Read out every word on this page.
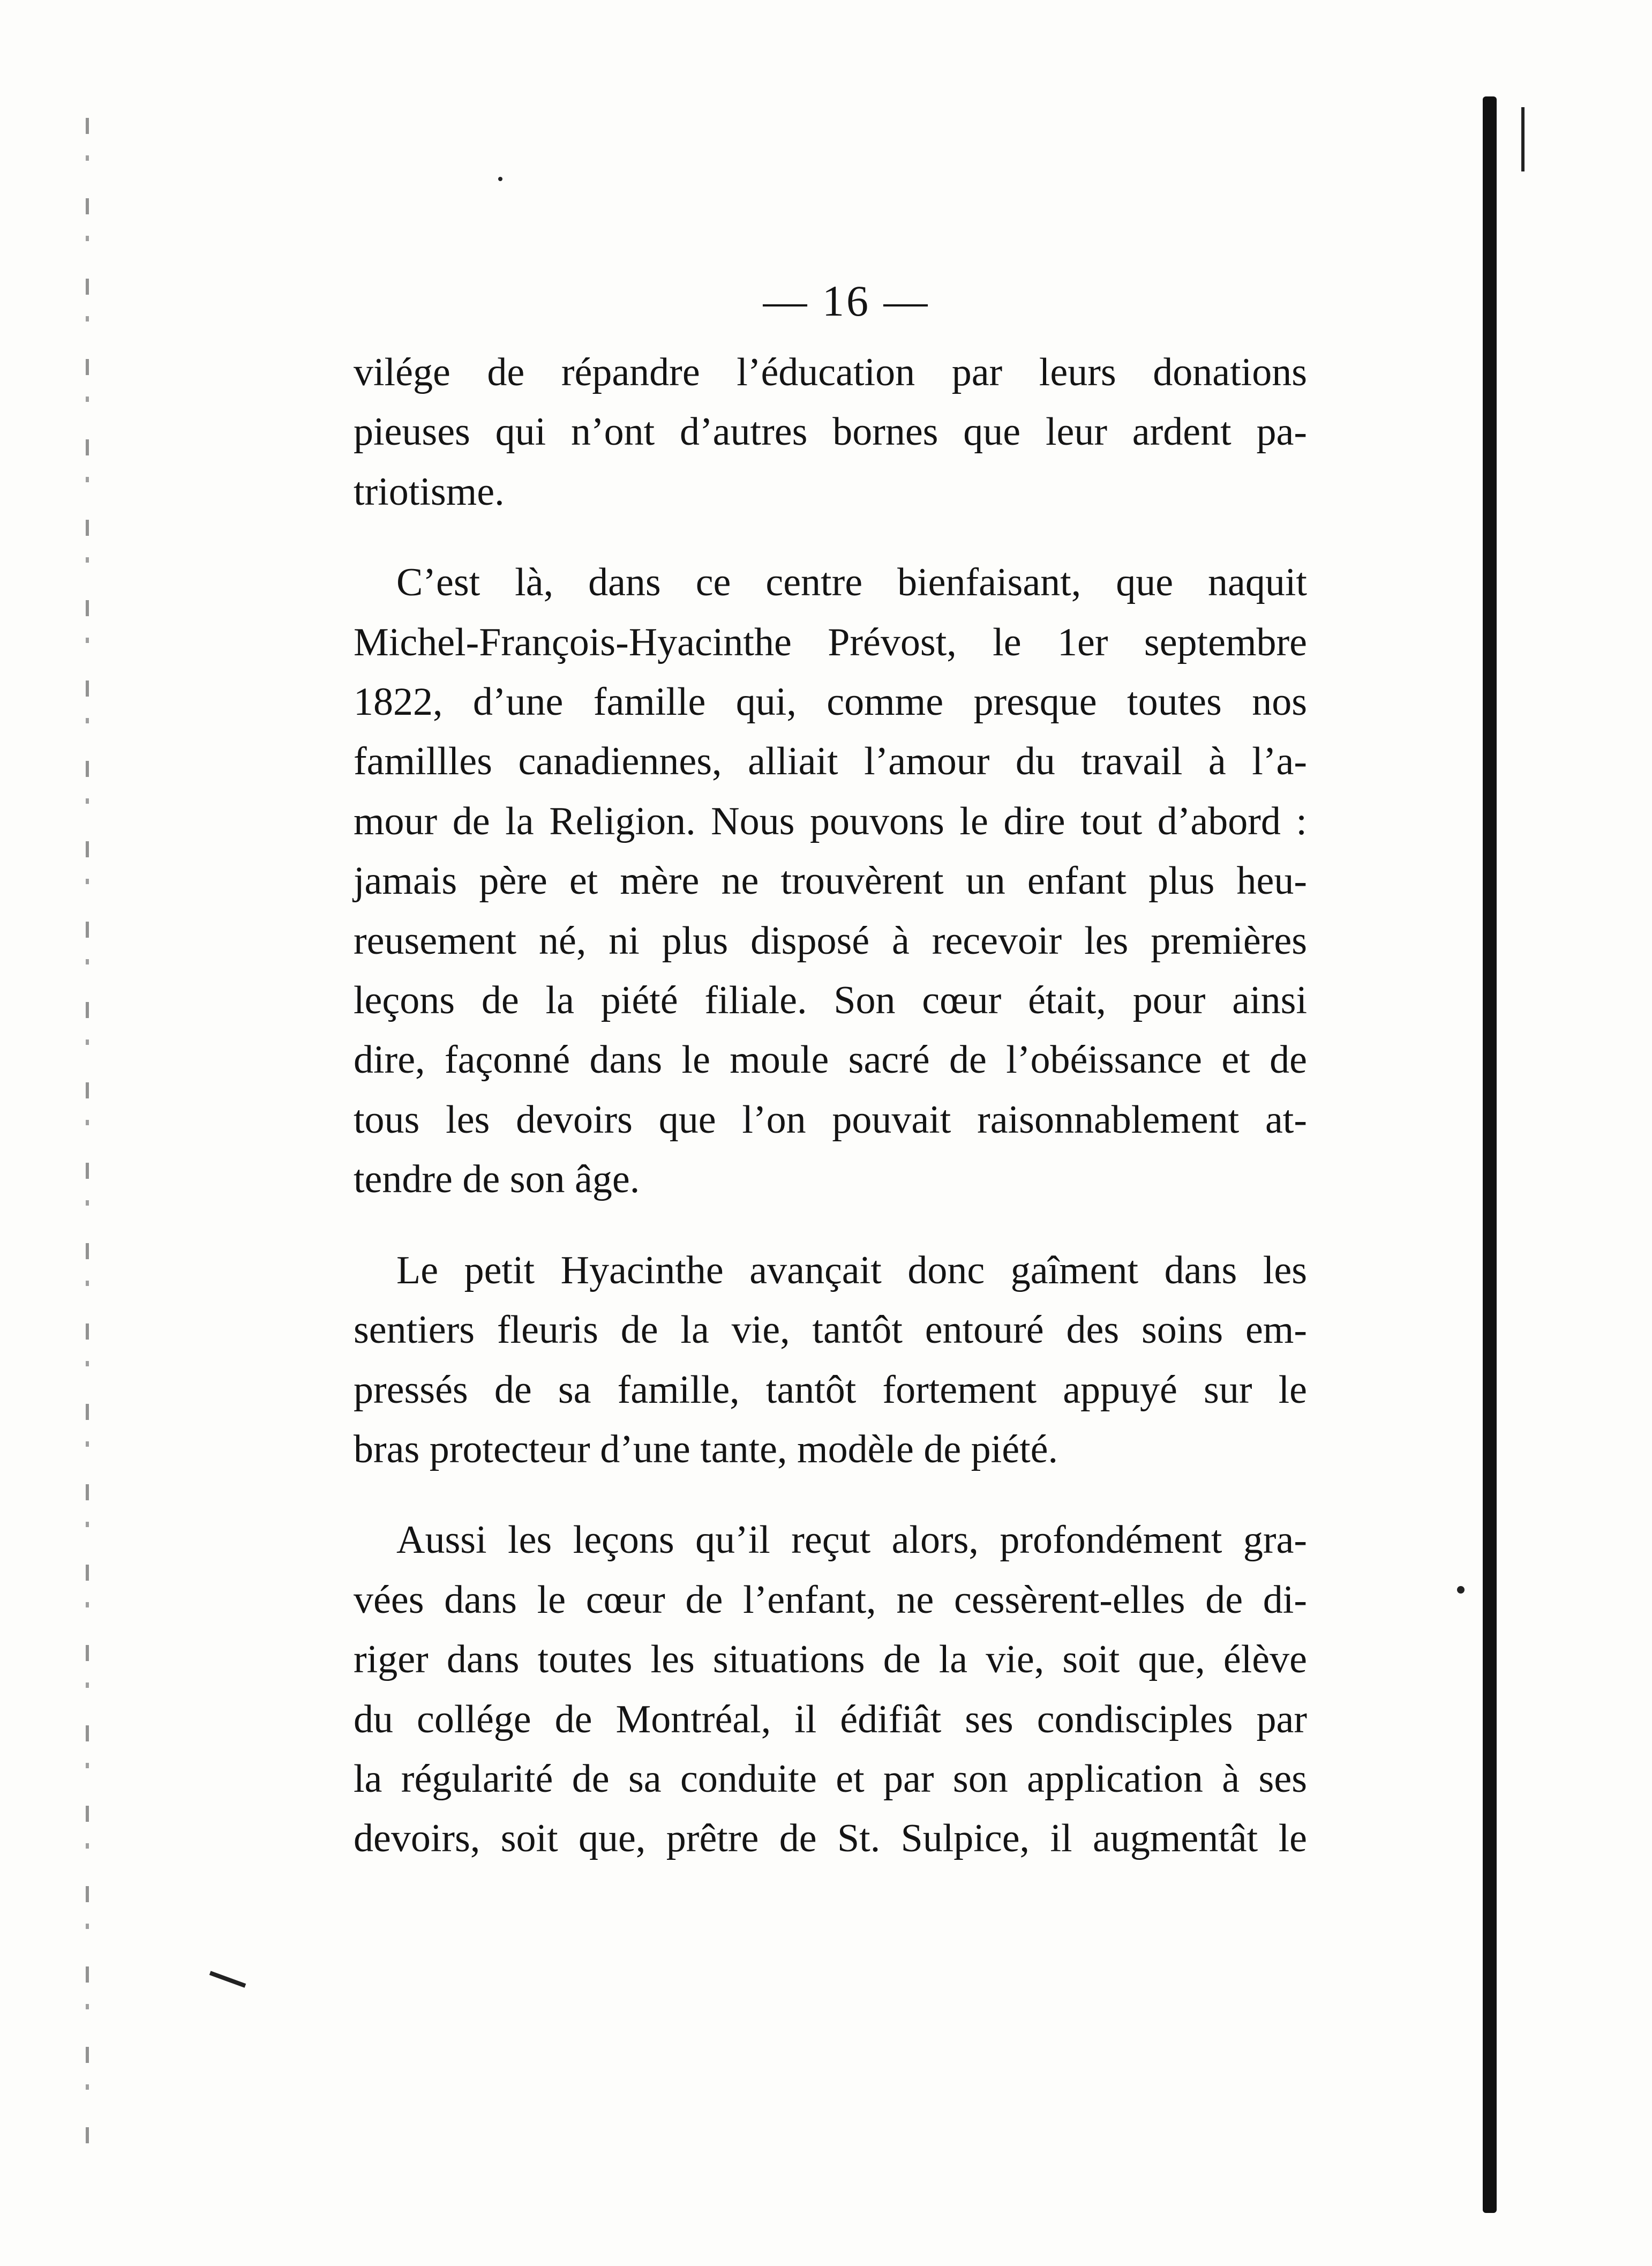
— 16 —
vilége de répandre l’éducation par leurs donations
pieuses qui n’ont d’autres bornes que leur ardent pa-
triotisme.
C’est là, dans ce centre bienfaisant, que naquit
Michel-François-Hyacinthe Prévost, le 1er septembre
1822, d’une famille qui, comme presque toutes nos
famillles canadiennes, alliait l’amour du travail à l’a-
mour de la Religion. Nous pouvons le dire tout d’abord :
jamais père et mère ne trouvèrent un enfant plus heu-
reusement né, ni plus disposé à recevoir les premières
leçons de la piété filiale. Son cœur était, pour ainsi
dire, façonné dans le moule sacré de l’obéissance et de
tous les devoirs que l’on pouvait raisonnablement at-
tendre de son âge.
Le petit Hyacinthe avançait donc gaîment dans les
sentiers fleuris de la vie, tantôt entouré des soins em-
pressés de sa famille, tantôt fortement appuyé sur le
bras protecteur d’une tante, modèle de piété.
Aussi les leçons qu’il reçut alors, profondément gra-
vées dans le cœur de l’enfant, ne cessèrent-elles de di-
riger dans toutes les situations de la vie, soit que, élève
du collége de Montréal, il édifiât ses condisciples par
la régularité de sa conduite et par son application à ses
devoirs, soit que, prêtre de St. Sulpice, il augmentât le
